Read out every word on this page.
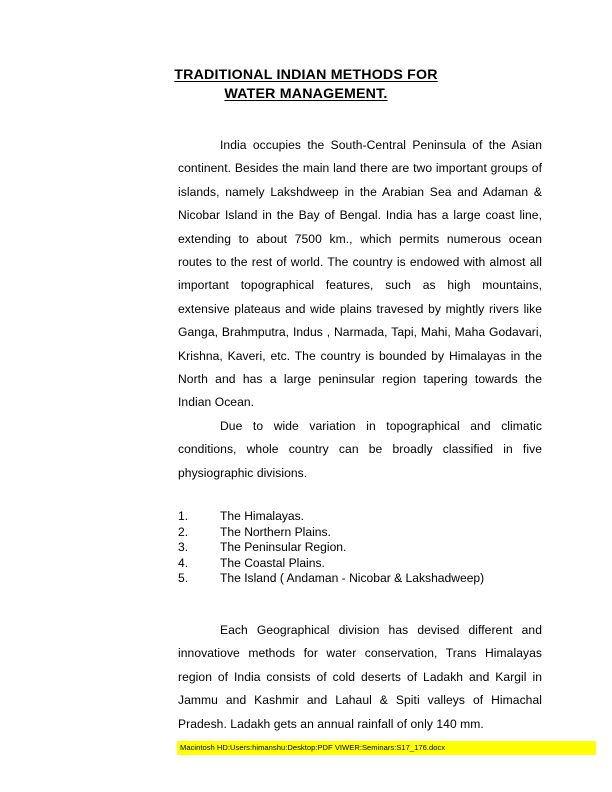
TRADITIONAL INDIAN METHODS FOR
WATER MANAGEMENT.

India occupies the South-Central Peninsula of the Asian continent. Besides the main land there are two important groups of islands, namely Lakshdweep in the Arabian Sea and Adaman & Nicobar Island in the Bay of Bengal. India has a large coast line, extending to about 7500 km., which permits numerous ocean routes to the rest of world. The country is endowed with almost all important topographical features, such as high mountains, extensive plateaus and wide plains travesed by mightly rivers like Ganga, Brahmputra, Indus , Narmada, Tapi, Mahi, Maha Godavari, Krishna, Kaveri, etc. The country is bounded by Himalayas in the North and has a large peninsular region tapering towards the Indian Ocean.

Due to wide variation in topographical and climatic conditions, whole country can be broadly classified in five physiographic divisions.

1.	The Himalayas.
2.	The Northern Plains.
3.	The Peninsular Region.
4.	The Coastal Plains.
5.	The Island ( Andaman - Nicobar & Lakshadweep)

Each Geographical division has devised different and innovatiove methods for water conservation, Trans Himalayas region of India consists of cold deserts of Ladakh and Kargil in Jammu and Kashmir and Lahaul & Spiti valleys of Himachal Pradesh. Ladakh gets an annual rainfall of only 140 mm.

Macintosh HD:Users:himanshu:Desktop:PDF VIWER:Seminars:S17_176.docx
